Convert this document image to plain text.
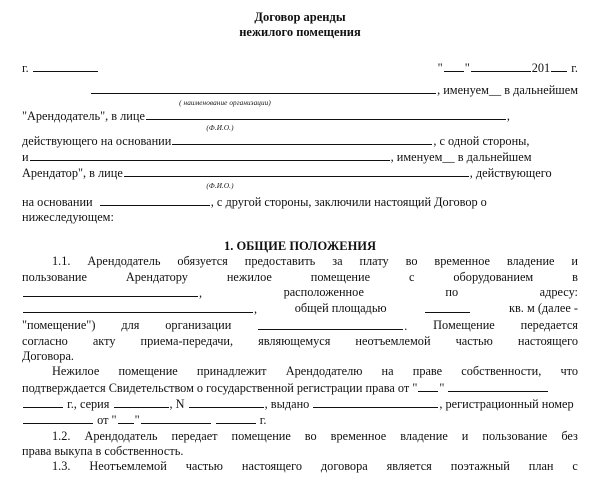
Договор аренды
нежилого помещения
г.	" "	201 г.
, именуем__ в дальнейшем
( наименование организации)
"Арендодатель", в лице	,
(Ф.И.О.)
действующего на основании	, с одной стороны,
и	, именуем__ в дальнейшем
Арендатор", в лице	, действующего
(Ф.И.О.)
на основании	, с другой стороны, заключили настоящий Договор о
нижеследующем:
1. ОБЩИЕ ПОЛОЖЕНИЯ
1.1. Арендодатель обязуется предоставить за плату во временное владение и
пользование	Арендатору	нежилое	помещение	с	оборудованием	в
,	расположенное	по	адресу:
,	общей площадью	кв. м (далее -
"помещение") для организации	. Помещение передается
согласно акту приема-передачи, являющемуся неотъемлемой частью настоящего
Договора.
Нежилое помещение принадлежит Арендодателю на праве собственности, что
подтверждается Свидетельством о государственной регистрации права от " "
г., серия	, N	, выдано	, регистрационный номер
от " "	г.
1.2. Арендодатель передает помещение во временное владение и пользование без
права выкупа в собственность.
1.3. Неотъемлемой частью настоящего договора является поэтажный план с
